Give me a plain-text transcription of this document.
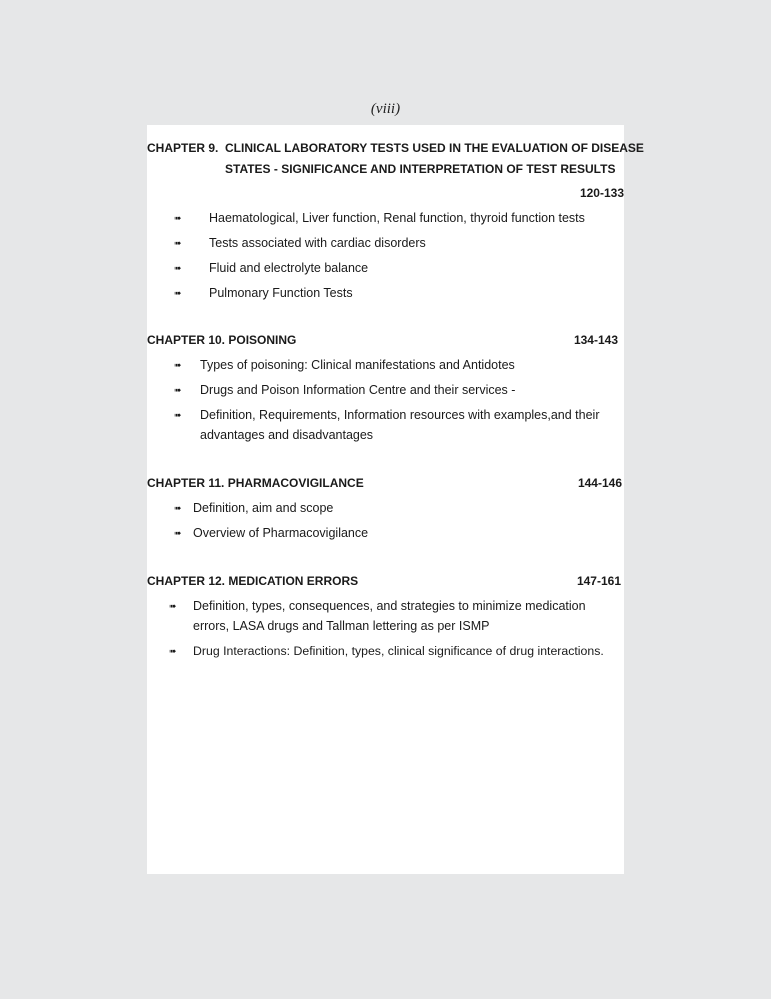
(viii)
CHAPTER 9. CLINICAL LABORATORY TESTS USED IN THE EVALUATION OF DISEASE
STATES - SIGNIFICANCE AND INTERPRETATION OF TEST RESULTS
120-133
➠ Haematological, Liver function, Renal function, thyroid function tests
➠ Tests associated with cardiac disorders
➠ Fluid and electrolyte balance
➠ Pulmonary Function Tests
CHAPTER 10. POISONING	134-143
➠ Types of poisoning: Clinical manifestations and Antidotes
➠ Drugs and Poison Information Centre and their services -
➠ Definition, Requirements, Information resources with examples,and their advantages and disadvantages
CHAPTER 11. PHARMACOVIGILANCE	144-146
➠ Definition, aim and scope
➠ Overview of Pharmacovigilance
CHAPTER 12. MEDICATION ERRORS	147-161
➠ Definition, types, consequences, and strategies to minimize medication errors, LASA drugs and Tallman lettering as per ISMP
➠ Drug Interactions: Definition, types, clinical significance of drug interactions.
